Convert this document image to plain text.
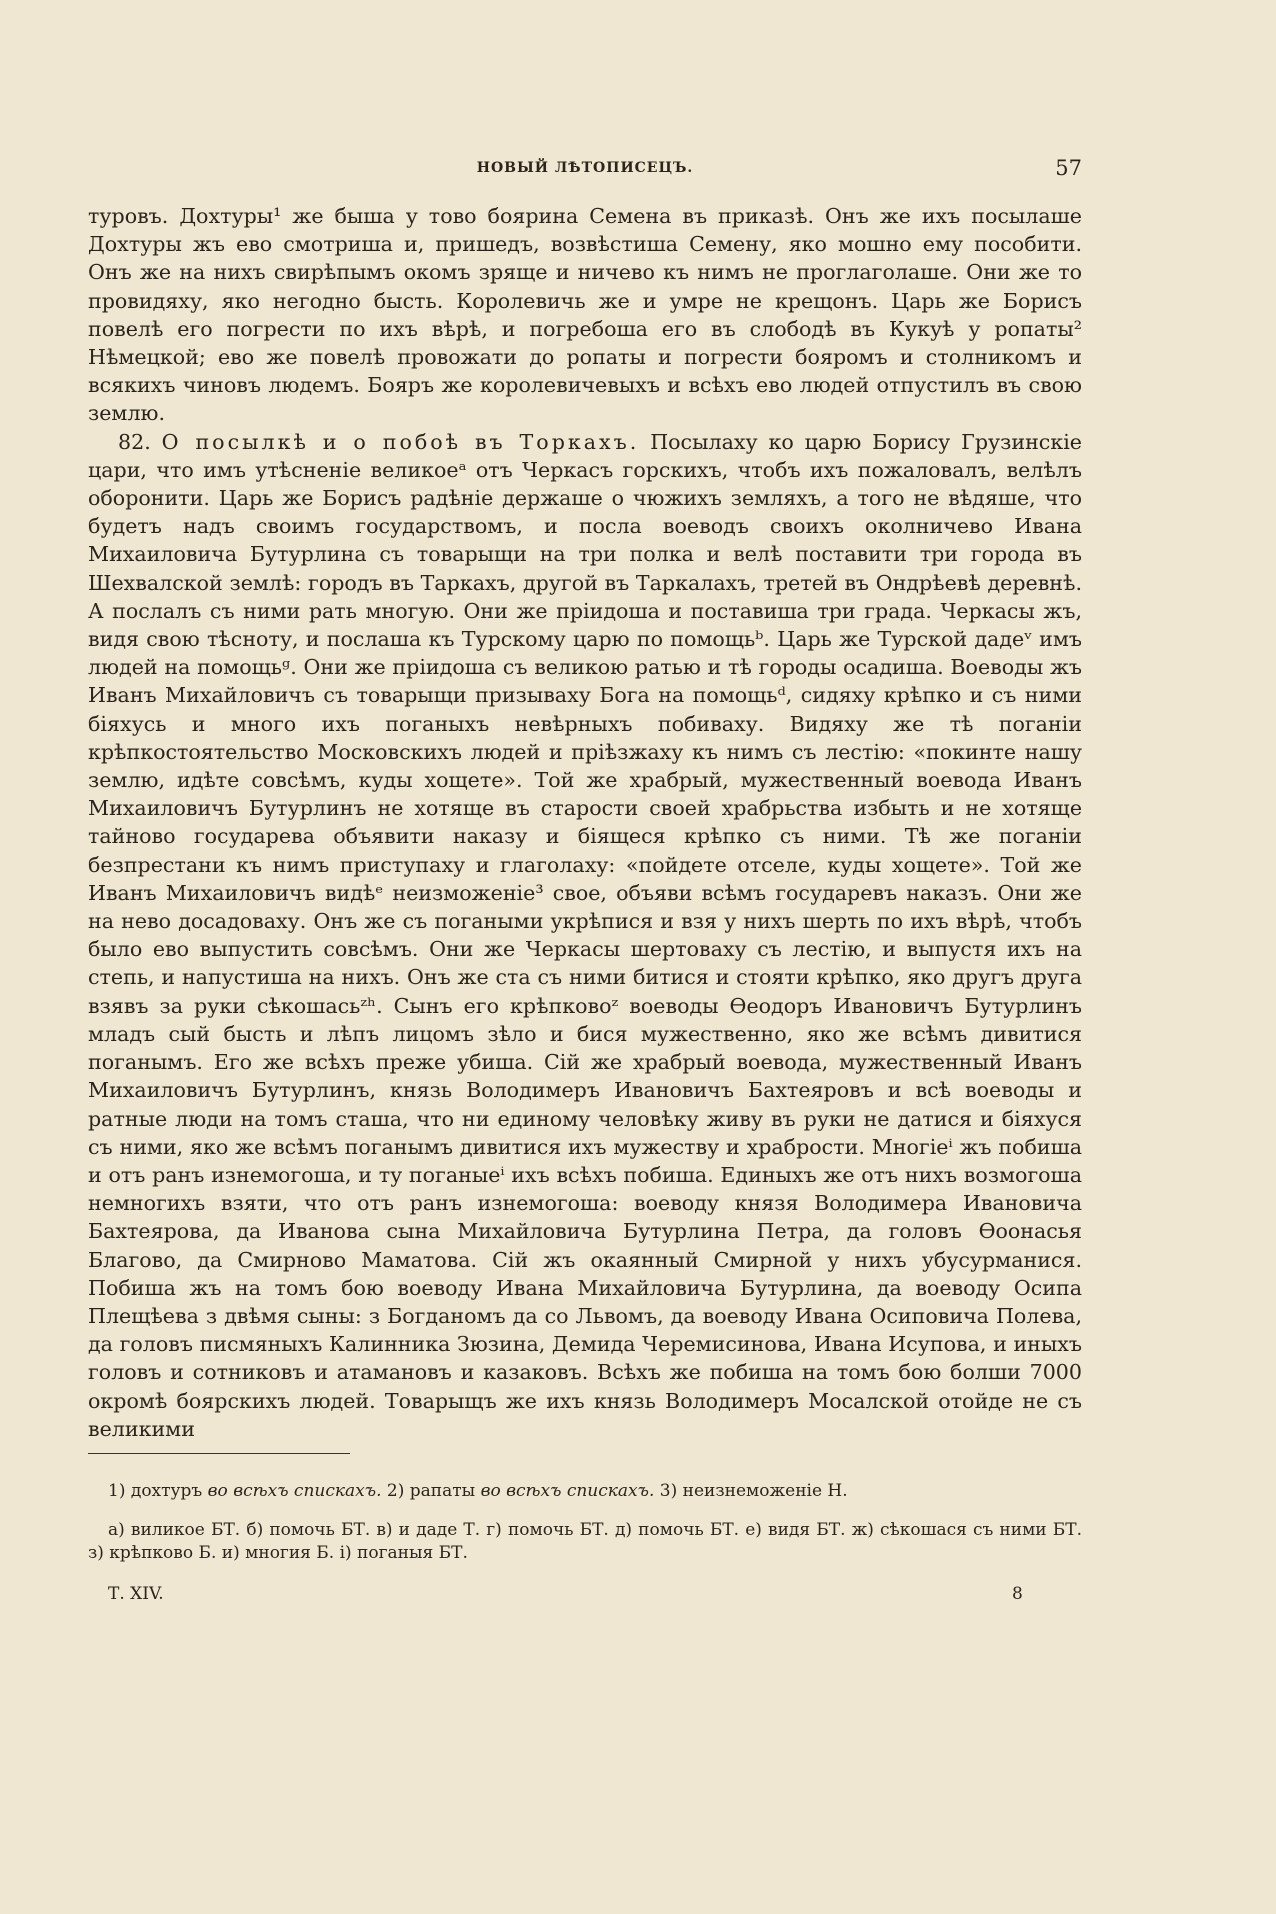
НОВЫЙ ЛѢТОПИСЕЦЪ.	57

туровъ. Дохтуры¹ же быша у тово боярина Семена въ приказѣ. Онъ же ихъ посылаше Дохтуры жъ ево смотриша и, пришедъ, возвѣстиша Семену, яко мошно ему пособити. Онъ же на нихъ свирѣпымъ окомъ зряще и ничево къ нимъ не проглаголаше. Они же то провидяху, яко негодно бысть. Королевичь же и умре не крещонъ. Царь же Борисъ повелѣ его погрести по ихъ вѣрѣ, и погребоша его въ слободѣ въ Кукуѣ у ропаты² Нѣмецкой; ево же повелѣ провожати до ропаты и погрести бояромъ и столникомъ и всякихъ чиновъ людемъ. Бояръ же королевичевыхъ и всѣхъ ево людей отпустилъ въ свою землю.

82. О посылкѣ и о побоѣ въ Торкахъ. Посылаху ко царю Борису Грузинскіе цари, что имъ утѣсненіе великоеᵃ отъ Черкасъ горскихъ, чтобъ ихъ пожаловалъ, велѣлъ оборонити. Царь же Борисъ радѣніе держаше о чюжихъ земляхъ, а того не вѣдяше, что будетъ надъ своимъ государствомъ, и посла воеводъ своихъ околничево Ивана Михаиловича Бутурлина съ товарыщи на три полка и велѣ поставити три города въ Шехвалской землѣ: городъ въ Таркахъ, другой въ Таркалахъ, третей въ Ондрѣевѣ деревнѣ. А послалъ съ ними рать многую. Они же пріидоша и поставиша три града. Черкасы жъ, видя свою тѣсноту, и послаша къ Турскому царю по помощьᵇ. Царь же Турской дадеᵛ имъ людей на помощьᵍ. Они же пріидоша съ великою ратью и тѣ городы осадиша. Воеводы жъ Иванъ Михайловичъ съ товарыщи призываху Бога на помощьᵈ, сидяху крѣпко и съ ними біяхусь и много ихъ поганыхъ невѣрныхъ побиваху. Видяху же тѣ поганіи крѣпкостоятельство Московскихъ людей и пріѣзжаху къ нимъ съ лестію: «покинте нашу землю, идѣте совсѣмъ, куды хощете». Той же храбрый, мужественный воевода Иванъ Михаиловичъ Бутурлинъ не хотяще въ старости своей храбрьства избыть и не хотяще тайново государева объявити наказу и біящеся крѣпко съ ними. Тѣ же поганіи безпрестани къ нимъ приступаху и глаголаху: «пойдете отселе, куды хощете». Той же Иванъ Михаиловичъ видѣᵉ неизможеніе³ свое, объяви всѣмъ государевъ наказъ. Они же на нево досадоваху. Онъ же съ погаными укрѣпися и взя у нихъ шерть по ихъ вѣрѣ, чтобъ было ево выпустить совсѣмъ. Они же Черкасы шертоваху съ лестію, и выпустя ихъ на степь, и напустиша на нихъ. Онъ же ста съ ними битися и стояти крѣпко, яко другъ друга взявъ за руки сѣкошасьᶻʰ. Сынъ его крѣпковоᶻ воеводы Ѳеодоръ Ивановичъ Бутурлинъ младъ сый бысть и лѣпъ лицомъ зѣло и бися мужественно, яко же всѣмъ дивитися поганымъ. Его же всѣхъ преже убиша. Сій же храбрый воевода, мужественный Иванъ Михаиловичъ Бутурлинъ, князь Володимеръ Ивановичъ Бахтеяровъ и всѣ воеводы и ратные люди на томъ сташа, что ни единому человѣку живу въ руки не датися и біяхуся съ ними, яко же всѣмъ поганымъ дивитися ихъ мужеству и храбрости. Многіеⁱ жъ побиша и отъ ранъ изнемогоша, и ту поганыеⁱ ихъ всѣхъ побиша. Единыхъ же отъ нихъ возмогоша немногихъ взяти, что отъ ранъ изнемогоша: воеводу князя Володимера Ивановича Бахтеярова, да Иванова сына Михайловича Бутурлина Петра, да головъ Ѳоонасья Благово, да Смирново Маматова. Сій жъ окаянный Смирной у нихъ убусурманися. Побиша жъ на томъ бою воеводу Ивана Михайловича Бутурлина, да воеводу Осипа Плещѣева з двѣмя сыны: з Богданомъ да со Львомъ, да воеводу Ивана Осиповича Полева, да головъ писмяныхъ Калинника Зюзина, Демида Черемисинова, Ивана Исупова, и иныхъ головъ и сотниковъ и атамановъ и казаковъ. Всѣхъ же побиша на томъ бою болши 7000 окромѣ боярскихъ людей. Товарыщъ же ихъ князь Володимеръ Мосалской отойде не съ великими

1) дохтуръ во всѣхъ спискахъ. 2) рапаты во всѣхъ спискахъ. 3) неизнеможеніе Н.

а) виликое БТ. б) помочь БТ. в) и даде Т. г) помочь БТ. д) помочь БТ. е) видя БТ. ж) сѣкошася съ ними БТ. з) крѣпково Б. и) многия Б. і) поганыя БТ.

Т. XIV.	8
